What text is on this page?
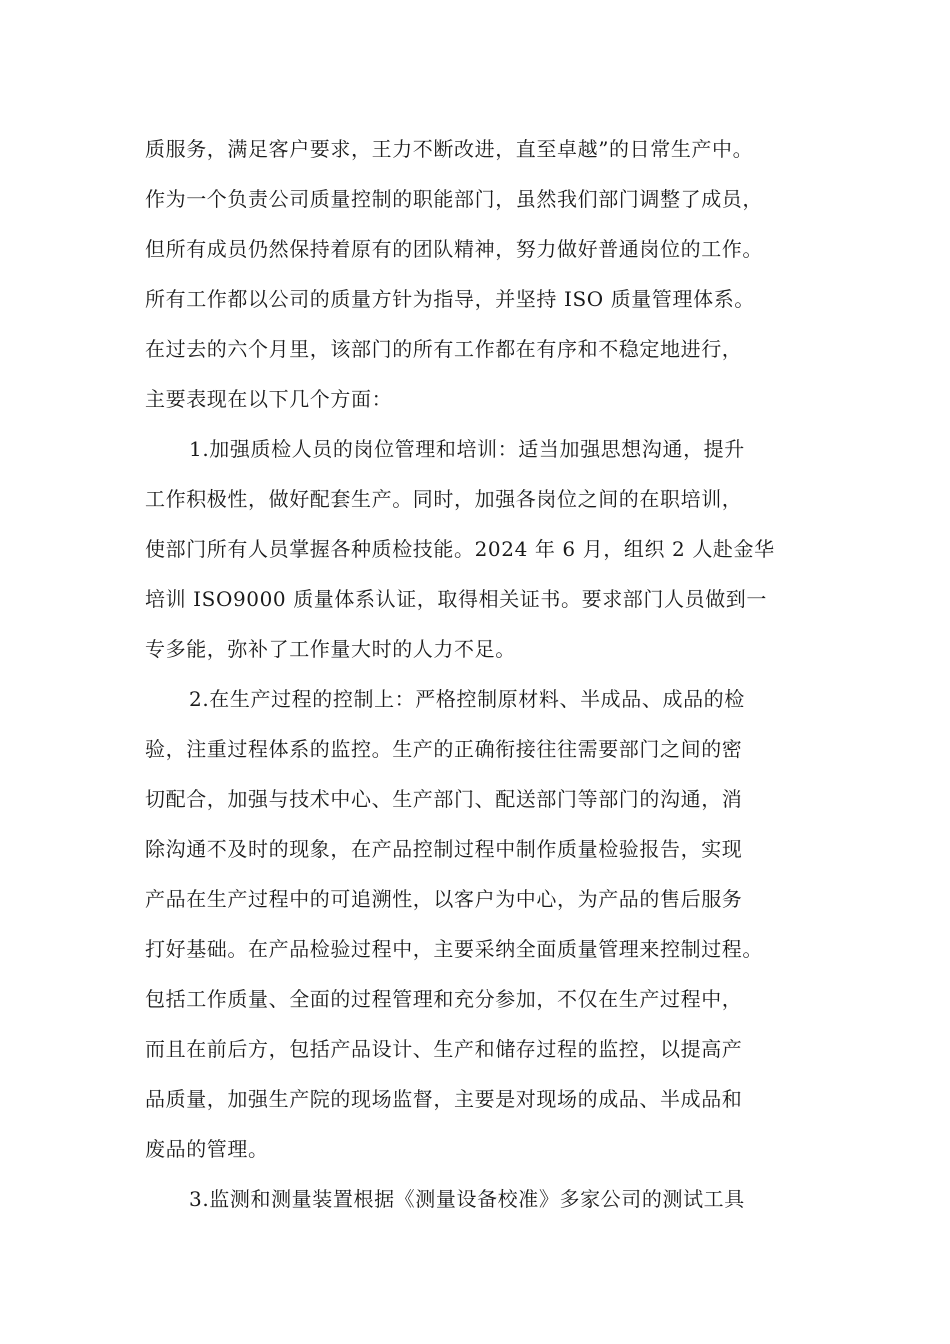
质服务，满足客户要求，王力不断改进，直至卓越”的日常生产中。

作为一个负责公司质量控制的职能部门，虽然我们部门调整了成员，

但所有成员仍然保持着原有的团队精神，努力做好普通岗位的工作。

所有工作都以公司的质量方针为指导，并坚持 ISO 质量管理体系。

在过去的六个月里，该部门的所有工作都在有序和不稳定地进行，

主要表现在以下几个方面：

1.加强质检人员的岗位管理和培训：适当加强思想沟通，提升

工作积极性，做好配套生产。同时，加强各岗位之间的在职培训，

使部门所有人员掌握各种质检技能。2024 年 6 月，组织 2 人赴金华

培训 ISO9000 质量体系认证，取得相关证书。要求部门人员做到一

专多能，弥补了工作量大时的人力不足。

2.在生产过程的控制上：严格控制原材料、半成品、成品的检

验，注重过程体系的监控。生产的正确衔接往往需要部门之间的密

切配合，加强与技术中心、生产部门、配送部门等部门的沟通，消

除沟通不及时的现象，在产品控制过程中制作质量检验报告，实现

产品在生产过程中的可追溯性，以客户为中心，为产品的售后服务

打好基础。在产品检验过程中，主要采纳全面质量管理来控制过程。

包括工作质量、全面的过程管理和充分参加，不仅在生产过程中，

而且在前后方，包括产品设计、生产和储存过程的监控，以提高产

品质量，加强生产院的现场监督，主要是对现场的成品、半成品和

废品的管理。

3.监测和测量装置根据《测量设备校准》多家公司的测试工具
